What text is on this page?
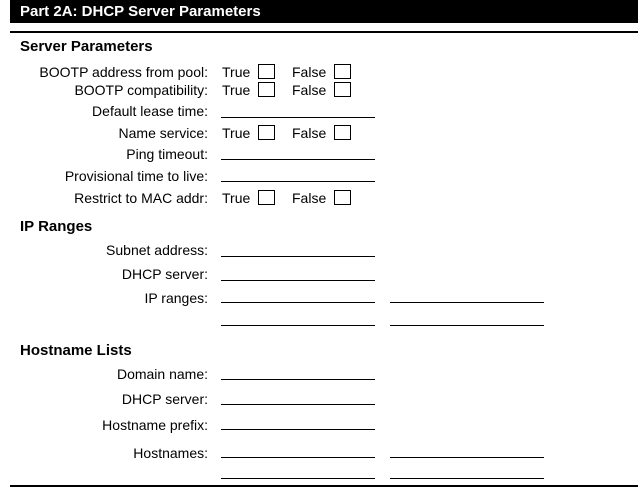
Part 2A: DHCP Server Parameters
Server Parameters
BOOTP address from pool: True	False
BOOTP compatibility: True	False
Default lease time:
Name service: True	False
Ping timeout:
Provisional time to live:
Restrict to MAC addr: True	False
IP Ranges
Subnet address:
DHCP server:
IP ranges:
Hostname Lists
Domain name:
DHCP server:
Hostname prefix:
Hostnames:
